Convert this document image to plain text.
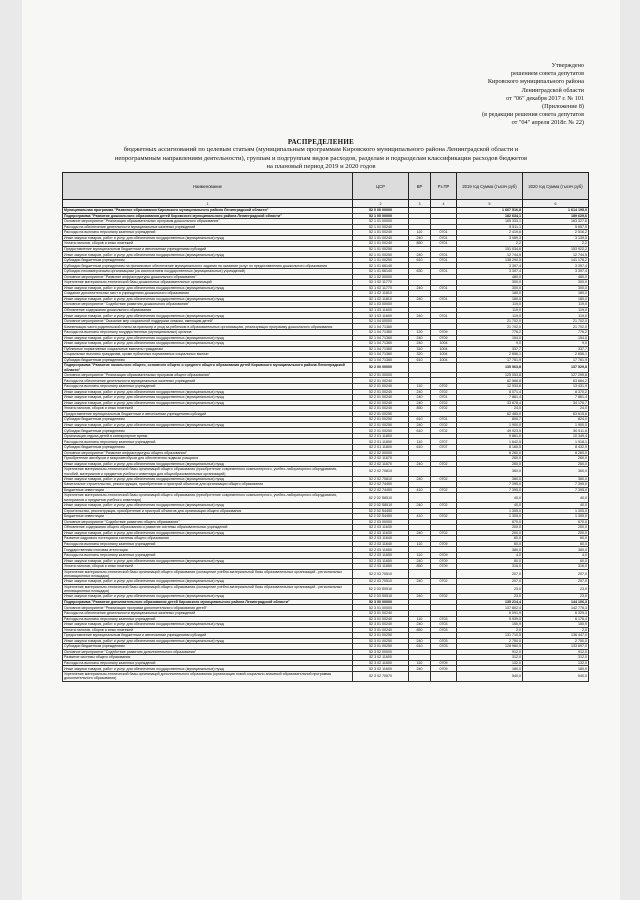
Утверждено
решением совета депутатов
Кировского муниципального района
Ленинградской области
от "06" декабря 2017 г. № 101
(Приложение 8)
(в редакции решения совета депутатов
от "04" апреля 2018г. № 22)
РАСПРЕДЕЛЕНИЕ
бюджетных ассигнований по целевым статьям (муниципальным программам Кировского муниципального района Ленинградской области и
непрограммным направлениям деятельности), группам и подгруппам видов расходов, разделам и подразделам классификации расходов бюджетов
на плановый период 2019 и 2020 годов
Наименование	ЦСР	ВР	Рз ПР	2019 год Сумма (тысяч руб)	2020 год Сумма (тысяч руб)
1	2	3	4	5	6
Муниципальная программа "Развитие образования Кировского муниципального района Ленинградской области"	52 0 00 00000			1 667 516,8	1 614 195,0
Подпрограмма "Развитие дошкольного образования детей Кировского муниципального района Ленинградской области"	52 1 00 00000			182 634,1	189 629,6
Основное мероприятие "Реализация образовательных программ дошкольного образования"	52 1 01 00000			165 333,1	163 327,6
Расходы на обеспечение деятельности муниципальных казенных учреждений	52 1 01 00240			5 511,1	5 657,9
Расходы на выплаты персоналу казенных учреждений	52 1 01 00240	110	0701	2 419,6	2 516,2
Иные закупки товаров, работ и услуг для обеспечения государственных (муниципальных) нужд	52 1 01 00240	240	0701	3 089,3	3 139,5
Уплата налогов, сборов и иных платежей	52 1 01 00240	850	0701	2,2	2,2
Предоставление муниципальным бюджетным и автономным учреждениям субсидий	52 1 01 00250			151 034,6	153 922,2
Иные закупки товаров, работ и услуг для обеспечения государственных (муниципальных) нужд	52 1 01 00250	240	0701	12 744,5	12 744,5
Субсидии бюджетным учреждениям	52 1 01 00250	610	0701	138 290,5	141 178,2
Субсидии бюджетным учреждениям на финансовое обеспечение муниципального задания на оказание услуг по предоставлению дошкольного образования	52 1 01 66140			3 397,4	3 397,4
Субсидии некоммерческим организациям (за исключением государственных (муниципальных) учреждений)	52 1 01 66140	630	0701	3 397,4	3 397,4
Основное мероприятие "Развитие инфраструктуры дошкольного образования"	52 1 02 00000			480,0	480,0
Укрепление материально-технической базы дошкольных образовательных организаций	52 1 02 11770			300,0	300,0
Иные закупки товаров, работ и услуг для обеспечения государственных (муниципальных) нужд	52 1 02 11770	240	0701	300,0	300,0
Создание дополнительных мест в учреждениях дошкольного образования	52 1 02 11810			180,0	180,0
Иные закупки товаров, работ и услуг для обеспечения государственных (муниципальных) нужд	52 1 02 11810	240	0701	180,0	180,0
Основное мероприятие "Содействие развитию дошкольного образования"	52 1 03 00000			119,0	119,0
Обновление содержания дошкольного образования	52 1 03 11600			119,0	119,0
Иные закупки товаров, работ и услуг для обеспечения государственных (муниципальных) нужд	52 1 03 11600	240	0701	119,0	119,0
Основное мероприятие "Оказание мер социальной поддержки семьям, имеющим детей"	52 1 04 00000			21 702,0	21 702,0
Компенсация части родительской платы за присмотр и уход за ребенком в образовательных организациях, реализующих программу дошкольного образования	52 1 04 71360			21 702,0	21 702,0
Расходы на выплаты персоналу государственных (муниципальных) органов	52 1 04 71360	120	0709	776,2	776,2
Иные закупки товаров, работ и услуг для обеспечения государственных (муниципальных) нужд	52 1 04 71360	240	0709	154,0	154,0
Иные закупки товаров, работ и услуг для обеспечения государственных (муниципальных) нужд	52 1 04 71360	240	1004	9,0	9,0
Публичные нормативные социальные выплаты гражданам	52 1 04 71360	310	1004	337,7	337,7
Социальные выплаты гражданам, кроме публичных нормативных социальных выплат	52 1 04 71360	320	1004	2 656,1	2 656,1
Субсидии бюджетным учреждениям	52 1 04 71360	610	1004	17 761,9	17 761,9
Подпрограмма "Развитие начального общего, основного общего и среднего общего образования детей Кировского муниципального района Ленинградской области"	52 2 00 00000			135 563,8	137 529,8
Основное мероприятие "Реализация образовательных программ общего образования"	52 2 01 00000			125 053,8	127 299,8
Расходы на обеспечение деятельности муниципальных казенных учреждений	52 2 01 00240			62 568,8	63 684,2
Расходы на выплаты персоналу казенных учреждений	52 2 01 00240	110	0702	12 933,6	13 431,9
Иные закупки товаров, работ и услуг для обеспечения государственных (муниципальных) нужд	52 2 01 00240	240	0702	8 071,4	8 370,2
Иные закупки товаров, работ и услуг для обеспечения государственных (муниципальных) нужд	52 2 01 00240	240	0701	7 861,4	7 861,4
Иные закупки товаров, работ и услуг для обеспечения государственных (муниципальных) нужд	52 2 01 00240	240	0702	33 678,4	34 176,7
Уплата налогов, сборов и иных платежей	52 2 01 00240	850	0702	24,0	24,0
Предоставление муниципальным бюджетным и автономным учреждениям субсидий	52 2 01 00250			62 485,0	63 615,6
Субсидии бюджетным учреждениям	52 2 01 00250	610	0701	800,7	824,0
Иные закупки товаров, работ и услуг для обеспечения государственных (муниципальных) нужд	52 2 01 00250	240	0702	1 900,0	1 900,0
Субсидии бюджетным учреждениям	52 2 01 00250	610	0702	49 923,5	50 511,6
Организация отдыха детей в каникулярное время	52 2 01 11800			9 861,0	10 349,4
Расходы на выплаты персоналу казенных учреждений	52 2 01 11800	110	0707	1 642,5	1 918,1
Субсидии бюджетным учреждениям	52 2 01 11800	610	0707	8 165,5	8 432,9
Основное мероприятие "Развитие инфраструктуры общего образования"	52 2 02 00000			8 260,0	8 260,0
Приобретение автобусов и микроавтобусов для обеспечения подвоза учащихся	52 2 02 11670			260,0	260,0
Иные закупки товаров, работ и услуг для обеспечения государственных (муниципальных) нужд	52 2 02 11670	240	0702	260,0	260,0
Укрепление материально-технической базы организаций общего образования (приобретение современного компьютерного, учебно-лабораторного оборудования, пособий, материалов и предметов учебного инвентаря для общеобразовательных организаций)	52 2 02 70810			360,0	360,0
Иные закупки товаров, работ и услуг для обеспечения государственных (муниципальных) нужд	52 2 02 70810	240	0702	360,0	360,0
Капитальное строительство, реконструкция, приобретение и пристрой объектов для организации общего образования	52 2 02 74450			7 395,0	7 395,0
Бюджетные инвестиции	52 2 02 74450	410	0702	7 395,0	7 395,0
Укрепление материально-технической базы организаций общего образования (приобретение современного компьютерного, учебно-лабораторного оборудования, материалов и предметов учебного инвентаря)	52 2 02 S8510			40,0	40,0
Иные закупки товаров, работ и услуг для обеспечения государственных (муниципальных) нужд	52 2 02 S8510	240	0702	40,0	40,0
Строительство, реконструкция, приобретение и пристрой объектов для организации общего образования	52 2 02 S4450			1 305,0	1 305,0
Бюджетные инвестиции	52 2 02 S4450	410	0702	1 305,0	1 305,0
Основное мероприятие "Содействие развитию общего образования"	52 2 03 00000			670,0	670,0
Обновление содержания общего образования и развитие системы образовательных учреждений	52 2 03 11630			200,0	200,0
Иные закупки товаров, работ и услуг для обеспечения государственных (муниципальных) нужд	52 2 03 11630	240	0702	200,0	200,0
Развитие кадрового потенциала системы общего образования	52 2 03 11640			60,0	60,0
Расходы на выплаты персоналу казенных учреждений	52 2 03 11640	110	0709	60,0	60,0
Государственная итоговая аттестация	52 2 03 11650			380,0	380,0
Расходы на выплаты персоналу казенных учреждений	52 2 03 11650	110	0709	4,0	4,0
Иные закупки товаров, работ и услуг для обеспечения государственных (муниципальных) нужд	52 2 03 11650	240	0709	60,0	60,0
Уплата налогов, сборов и иных платежей	52 2 03 11650	850	0709	316,0	316,0
Укрепление материально-технической базы организаций общего образования (оснащение учебно-материальной базы образовательных организаций - региональных инновационных площадок)	52 2 03 70510			207,0	207,0
Иные закупки товаров, работ и услуг для обеспечения государственных (муниципальных) нужд	52 2 03 70510	240	0702	207,0	207,0
Укрепление материально-технической базы организаций общего образования (оснащение учебно-материальной базы образовательных организаций - региональных инновационных площадок)	52 2 03 S0510			23,0	23,0
Иные закупки товаров, работ и услуг для обеспечения государственных (муниципальных) нужд	52 2 03 S0510	240	0702	23,0	23,0
Подпрограмма "Развитие дополнительного образования детей Кировского муниципального района Ленинградской области"	52 3 00 00000			135 214,4	144 106,3
Основное мероприятие "Реализация программ дополнительного образования детей"	52 3 01 00000			137 802,4	142 776,3
Расходы на обеспечение деятельности муниципальных казенных учреждений	52 3 01 00240			6 091,9	6 325,3
Расходы на выплаты персоналу казенных учреждений	52 3 01 00240	110	0703	5 939,0	6 176,4
Иные закупки товаров, работ и услуг для обеспечения государственных (муниципальных) нужд	52 3 01 00240	240	0703	150,9	150,9
Уплата налогов, сборов и иных платежей	52 3 01 00240	850	0703	2,0	2,0
Предоставление муниципальным бюджетным и автономным учреждениям субсидий	52 3 01 00250			131 710,5	136 447,0
Иные закупки товаров, работ и услуг для обеспечения государственных (муниципальных) нужд	52 3 01 00250	240	0703	2 750,0	2 750,0
Субсидии бюджетным учреждениям	52 3 01 00250	610	0703	128 960,5	133 697,0
Основное мероприятие "Содействие развитию дополнительного образования"	52 3 02 00000			912,0	912,0
Развитие системы общего образования	52 3 02 11600			312,0	312,0
Расходы на выплаты персоналу казенных учреждений	52 3 02 11600	110	0709	132,0	132,0
Иные закупки товаров, работ и услуг для обеспечения государственных (муниципальных) нужд	52 3 02 11600	240	0709	180,0	180,0
Укрепление материально-технической базы организаций дополнительного образования (организация новой социально-значимой образовательной программы дополнительного образования)	52 3 02 70570			540,0	540,0
